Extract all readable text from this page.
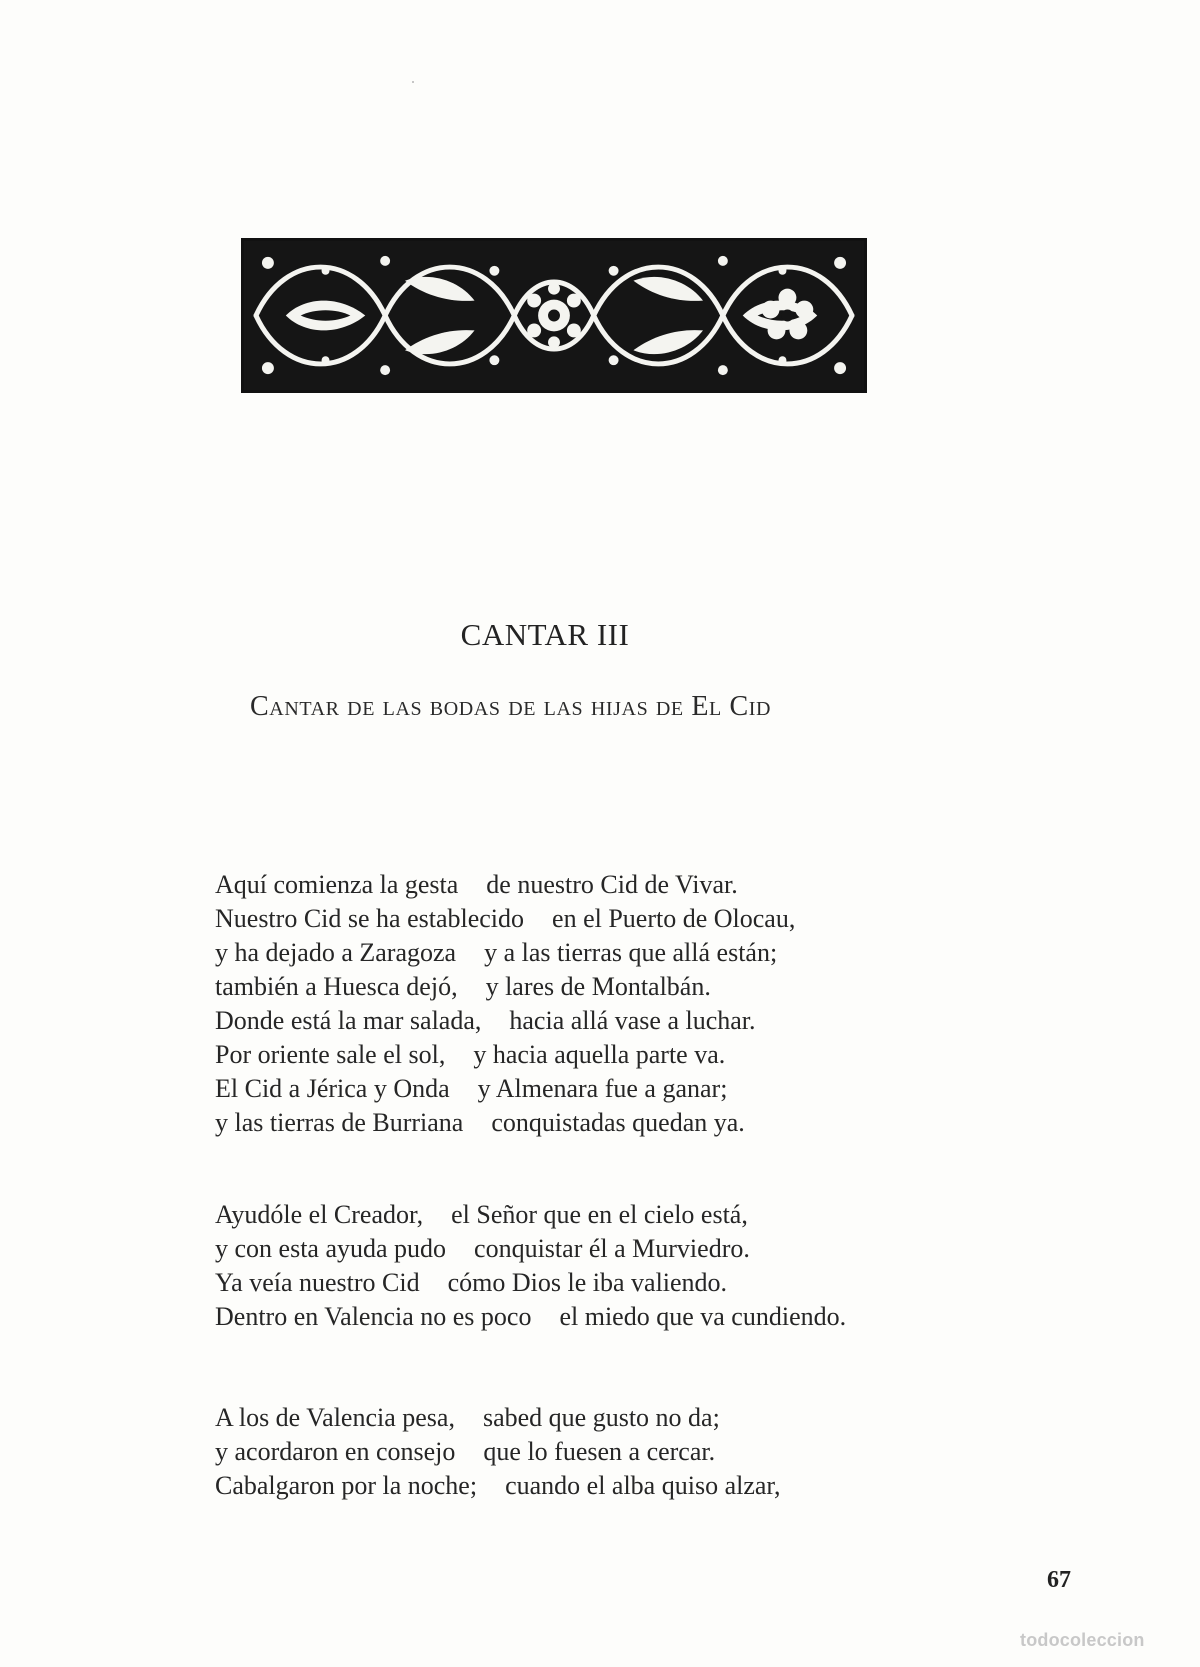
CANTAR III
Cantar de las bodas de las hijas de El Cid
Aquí comienza la gesta de nuestro Cid de Vivar.
Nuestro Cid se ha establecido en el Puerto de Olocau,
y ha dejado a Zaragoza y a las tierras que allá están;
también a Huesca dejó, y lares de Montalbán.
Donde está la mar salada, hacia allá vase a luchar.
Por oriente sale el sol, y hacia aquella parte va.
El Cid a Jérica y Onda y Almenara fue a ganar;
y las tierras de Burriana conquistadas quedan ya.
Ayudóle el Creador, el Señor que en el cielo está,
y con esta ayuda pudo conquistar él a Murviedro.
Ya veía nuestro Cid cómo Dios le iba valiendo.
Dentro en Valencia no es poco el miedo que va cundiendo.
A los de Valencia pesa, sabed que gusto no da;
y acordaron en consejo que lo fuesen a cercar.
Cabalgaron por la noche; cuando el alba quiso alzar,
67
todocoleccion
